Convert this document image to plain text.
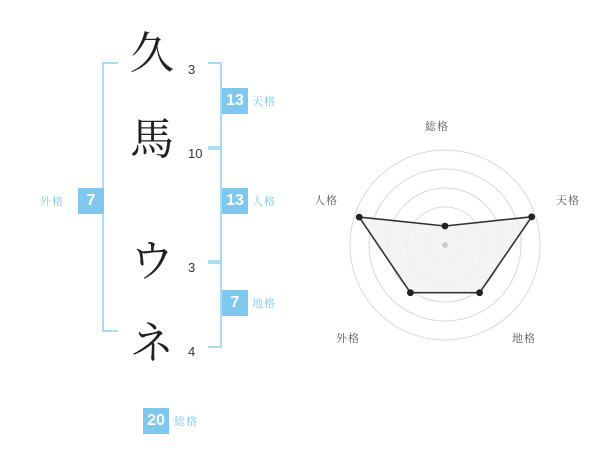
久
馬
ウ
ネ
3
10
3
4
13 天格
13 人格
7	地格
7
外格
20 総格
総格
天格
地格
外格
人格
